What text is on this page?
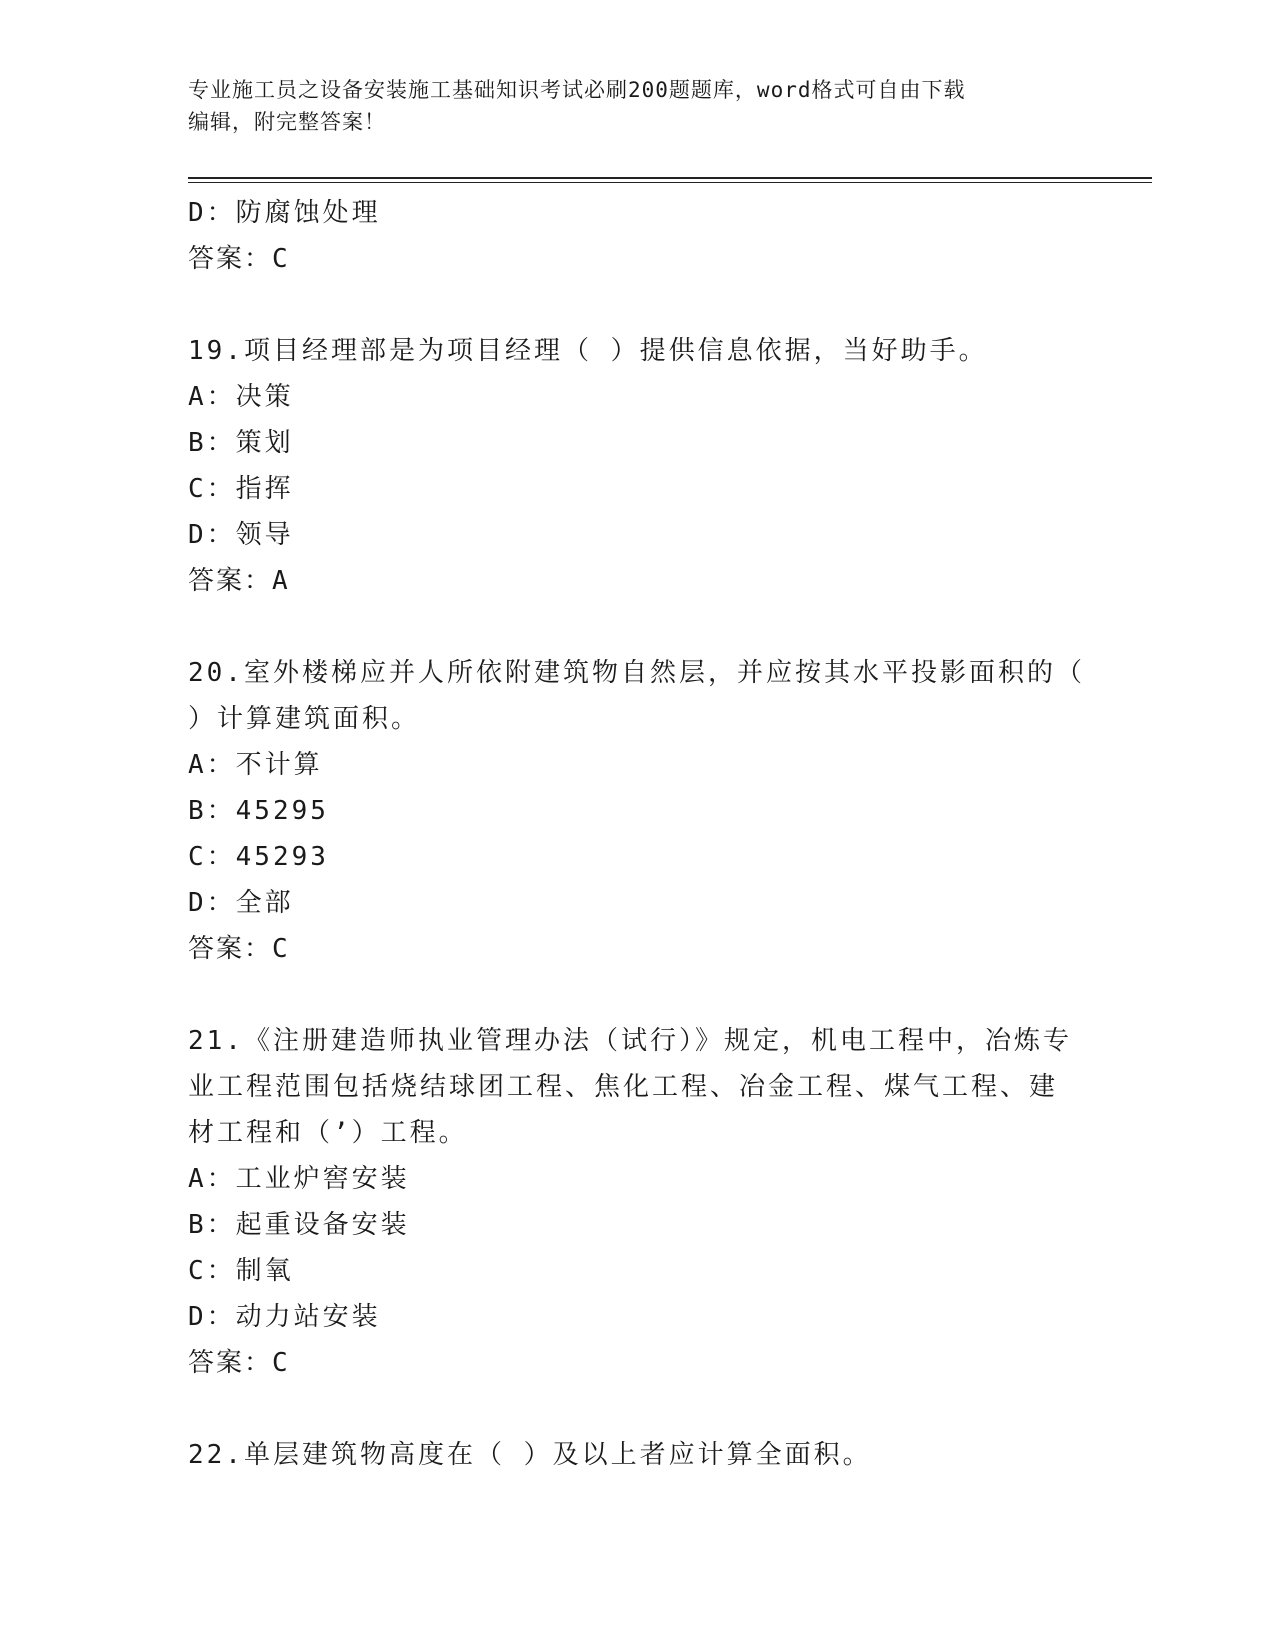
专业施工员之设备安装施工基础知识考试必刷200题题库，word格式可自由下载
编辑，附完整答案！
D：防腐蚀处理
答案：C
19.项目经理部是为项目经理（ ）提供信息依据，当好助手。
A：决策
B：策划
C：指挥
D：领导
答案：A
20.室外楼梯应并人所依附建筑物自然层，并应按其水平投影面积的（
）计算建筑面积。
A：不计算
B：45295
C：45293
D：全部
答案：C
21.《注册建造师执业管理办法（试行）》规定，机电工程中，冶炼专
业工程范围包括烧结球团工程、焦化工程、冶金工程、煤气工程、建
材工程和（’）工程。
A：工业炉窖安装
B：起重设备安装
C：制氧
D：动力站安装
答案：C
22.单层建筑物高度在（ ）及以上者应计算全面积。
